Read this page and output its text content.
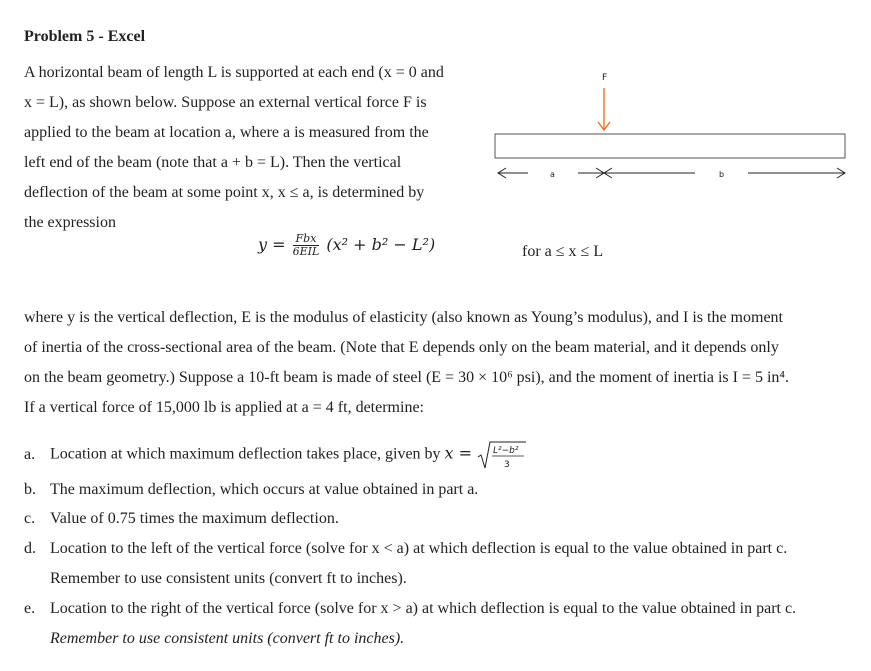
Problem 5 - Excel
A horizontal beam of length L is supported at each end (x = 0 and
x = L), as shown below. Suppose an external vertical force F is
applied to the beam at location a, where a is measured from the
left end of the beam (note that a + b = L). Then the vertical
deflection of the beam at some point x, x ≤ a, is determined by
the expression
F
a	b
$y = \frac{\text{Fbx}}{\text{6EIL}} (x^2 + b^2 - L^2)$	for a ≤ x ≤ L
where y is the vertical deflection, E is the modulus of elasticity (also known as Young’s modulus), and I is the moment
of inertia of the cross-sectional area of the beam. (Note that E depends only on the beam material, and it depends only
on the beam geometry.) Suppose a 10-ft beam is made of steel (E = 30 × 10⁶ psi), and the moment of inertia is I = 5 in⁴.
If a vertical force of 15,000 lb is applied at a = 4 ft, determine:
a. Location at which maximum deflection takes place, given by x = L²−b²
3
b. The maximum deflection, which occurs at value obtained in part a.
c. Value of 0.75 times the maximum deflection.
d. Location to the left of the vertical force (solve for x < a) at which deflection is equal to the value obtained in part c.
Remember to use consistent units (convert ft to inches).
e. Location to the right of the vertical force (solve for x > a) at which deflection is equal to the value obtained in part c.
Remember to use consistent units (convert ft to inches).
